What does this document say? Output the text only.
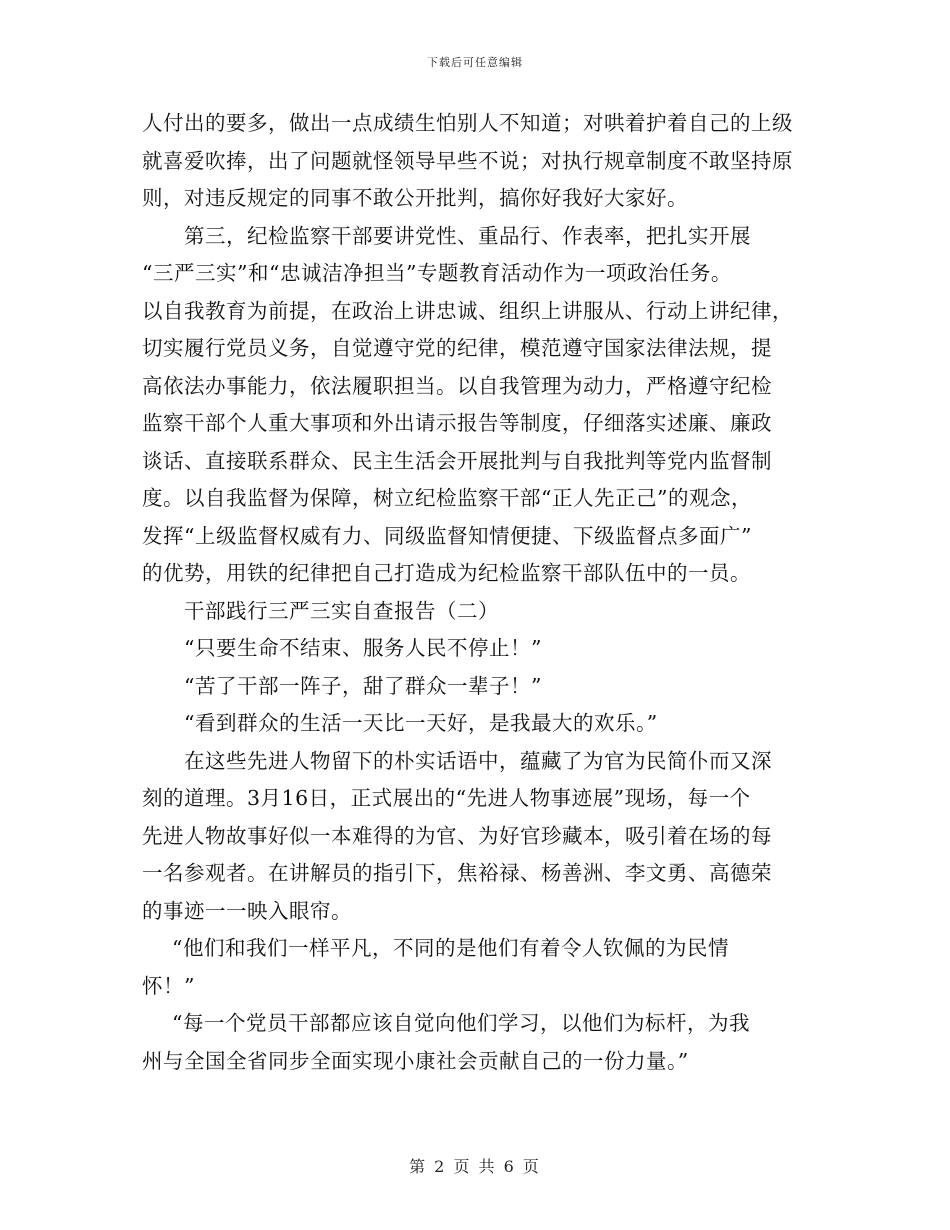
下载后可任意编辑
人付出的要多，做出一点成绩生怕别人不知道；对哄着护着自己的上级
就喜爱吹捧，出了问题就怪领导早些不说；对执行规章制度不敢坚持原
则，对违反规定的同事不敢公开批判，搞你好我好大家好。
第三，纪检监察干部要讲党性、重品行、作表率，把扎实开展
“三严三实”和“忠诚洁净担当”专题教育活动作为一项政治任务。
以自我教育为前提，在政治上讲忠诚、组织上讲服从、行动上讲纪律，
切实履行党员义务，自觉遵守党的纪律，模范遵守国家法律法规，提
高依法办事能力，依法履职担当。以自我管理为动力，严格遵守纪检
监察干部个人重大事项和外出请示报告等制度，仔细落实述廉、廉政
谈话、直接联系群众、民主生活会开展批判与自我批判等党内监督制
度。以自我监督为保障，树立纪检监察干部“正人先正己”的观念，
发挥“上级监督权威有力、同级监督知情便捷、下级监督点多面广”
的优势，用铁的纪律把自己打造成为纪检监察干部队伍中的一员。
干部践行三严三实自查报告（二）
“只要生命不结束、服务人民不停止！”
“苦了干部一阵子，甜了群众一辈子！”
“看到群众的生活一天比一天好，是我最大的欢乐。”
在这些先进人物留下的朴实话语中，蕴藏了为官为民简仆而又深
刻的道理。3月16日，正式展出的“先进人物事迹展”现场，每一个
先进人物故事好似一本难得的为官、为好官珍藏本，吸引着在场的每
一名参观者。在讲解员的指引下，焦裕禄、杨善洲、李文勇、高德荣
的事迹一一映入眼帘。
“他们和我们一样平凡，不同的是他们有着令人钦佩的为民情
怀！”
“每一个党员干部都应该自觉向他们学习，以他们为标杆，为我
州与全国全省同步全面实现小康社会贡献自己的一份力量。”
第 2 页 共 6 页
